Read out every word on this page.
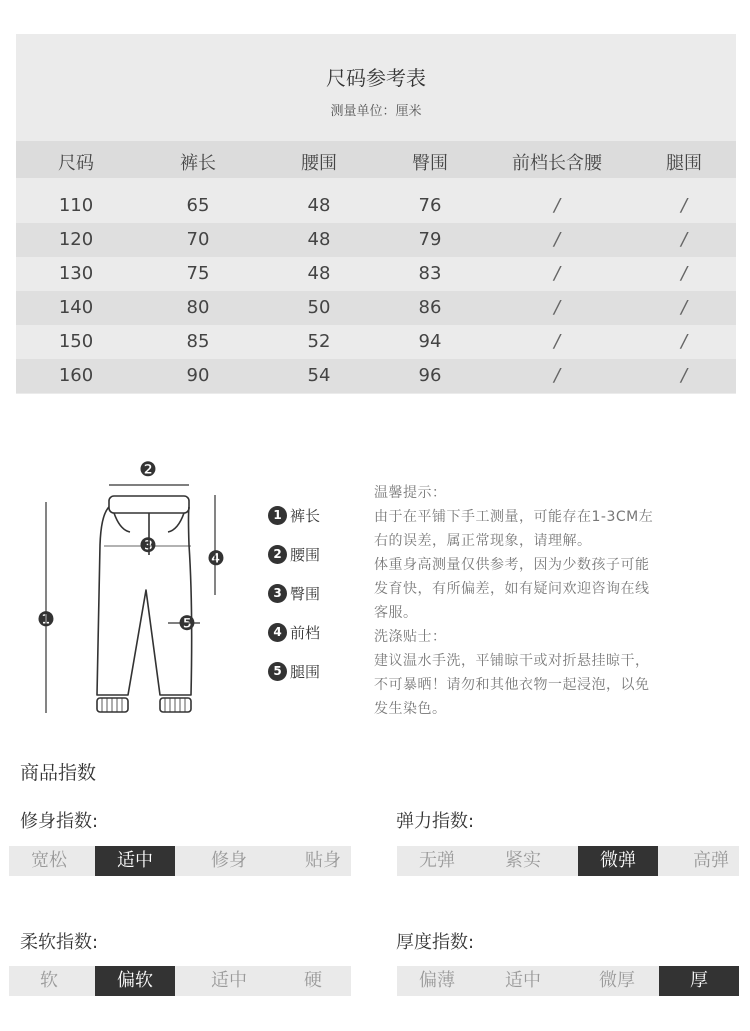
尺码参考表
测量单位：厘米
尺码	裤长	腰围	臀围	前档长含腰	腿围
110	65	48	76	/	/
120	70	48	79	/	/
130	75	48	83	/	/
140	80	50	86	/	/
150	85	52	94	/	/
160	90	54	96	/	/
❶
❷
❸
❹
❺
1 裤长
2 腰围
3 臀围
4 前档
5 腿围

温馨提示：

由于在平铺下手工测量，可能存在1-3CM左

右的误差，属正常现象，请理解。

体重身高测量仅供参考，因为少数孩子可能

发育快，有所偏差，如有疑问欢迎咨询在线

客服。

洗涤贴士：

建议温水手洗，平铺晾干或对折悬挂晾干，

不可暴晒！请勿和其他衣物一起浸泡，以免

发生染色。

商品指数
修身指数:
宽松	适中	修身	贴身
弹力指数:
无弹	紧实	微弹	高弹
柔软指数:
软	偏软	适中	硬
厚度指数:
偏薄	适中	微厚	厚
